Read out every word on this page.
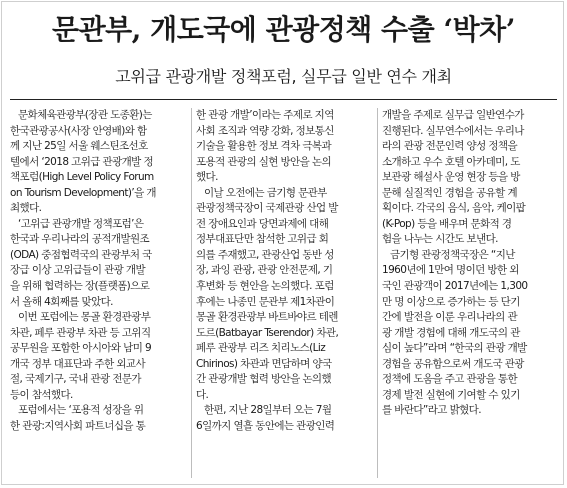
문관부, 개도국에 관광정책 수출 ‘박차’
고위급 관광개발 정책포럼, 실무급 일반 연수 개최
문화체육관광부(장관 도종환)는
한국관광공사(사장 안영배)와 함
께 지난 25일 서울 웨스틴조선호
텔에서 ‘2018 고위급 관광개발 정
책포럼(High Level Policy Forum
on Tourism Development)’을 개
최했다.
‘고위급 관광개발 정책포럼’은
한국과 우리나라의 공적개발원조
(ODA) 중점협력국의 관광부처 국
장급 이상 고위급들이 관광 개발
을 위해 협력하는 장(플랫폼)으로
서 올해 4회째를 맞았다.
이번 포럼에는 몽골 환경관광부
차관, 페루 관광부 차관 등 고위직
공무원을 포함한 아시아와 남미 9
개국 정부 대표단과 주한 외교사
절, 국제기구, 국내 관광 전문가
등이 참석했다.
포럼에서는 ‘포용적 성장을 위
한 관광:지역사회 파트너십을 통
한 관광 개발’이라는 주제로 지역
사회 조직과 역량 강화, 정보통신
기술을 활용한 정보 격차 극복과
포용적 관광의 실현 방안을 논의
했다.
이날 오전에는 금기형 문관부
관광정책국장이 국제관광 산업 발
전 장애요인과 당면과제에 대해
정부대표단만 참석한 고위급 회
의를 주재했고, 관광산업 동반 성
장, 과잉 관광, 관광 안전문제, 기
후변화 등 현안을 논의했다. 포럼
후에는 나종민 문관부 제1차관이
몽골 환경관광부 바트바야르 테렌
도르(Batbayar Tserendor) 차관,
페루 관광부 리즈 치리노스(Liz
Chirinos) 차관과 면담하며 양국
간 관광개발 협력 방안을 논의했
다.
한편, 지난 28일부터 오는 7월
6일까지 열흘 동안에는 관광인력
개발을 주제로 실무급 일반연수가
진행된다. 실무연수에서는 우리나
라의 관광 전문인력 양성 정책을
소개하고 우수 호텔 아카데미, 도
보관광 해설사 운영 현장 등을 방
문해 실질적인 경험을 공유할 계
획이다. 각국의 음식, 음악, 케이팝
(K-Pop) 등을 배우며 문화적 경
험을 나누는 시간도 보낸다.
금기형 관광정책국장은 “지난
1960년에 1만여 명이던 방한 외
국인 관광객이 2017년에는 1,300
만 명 이상으로 증가하는 등 단기
간에 발전을 이룬 우리나라의 관
광 개발 경험에 대해 개도국의 관
심이 높다”라며 “한국의 관광 개발
경험을 공유함으로써 개도국 관광
정책에 도움을 주고 관광을 통한
경제 발전 실현에 기여할 수 있기
를 바란다”라고 밝혔다.
